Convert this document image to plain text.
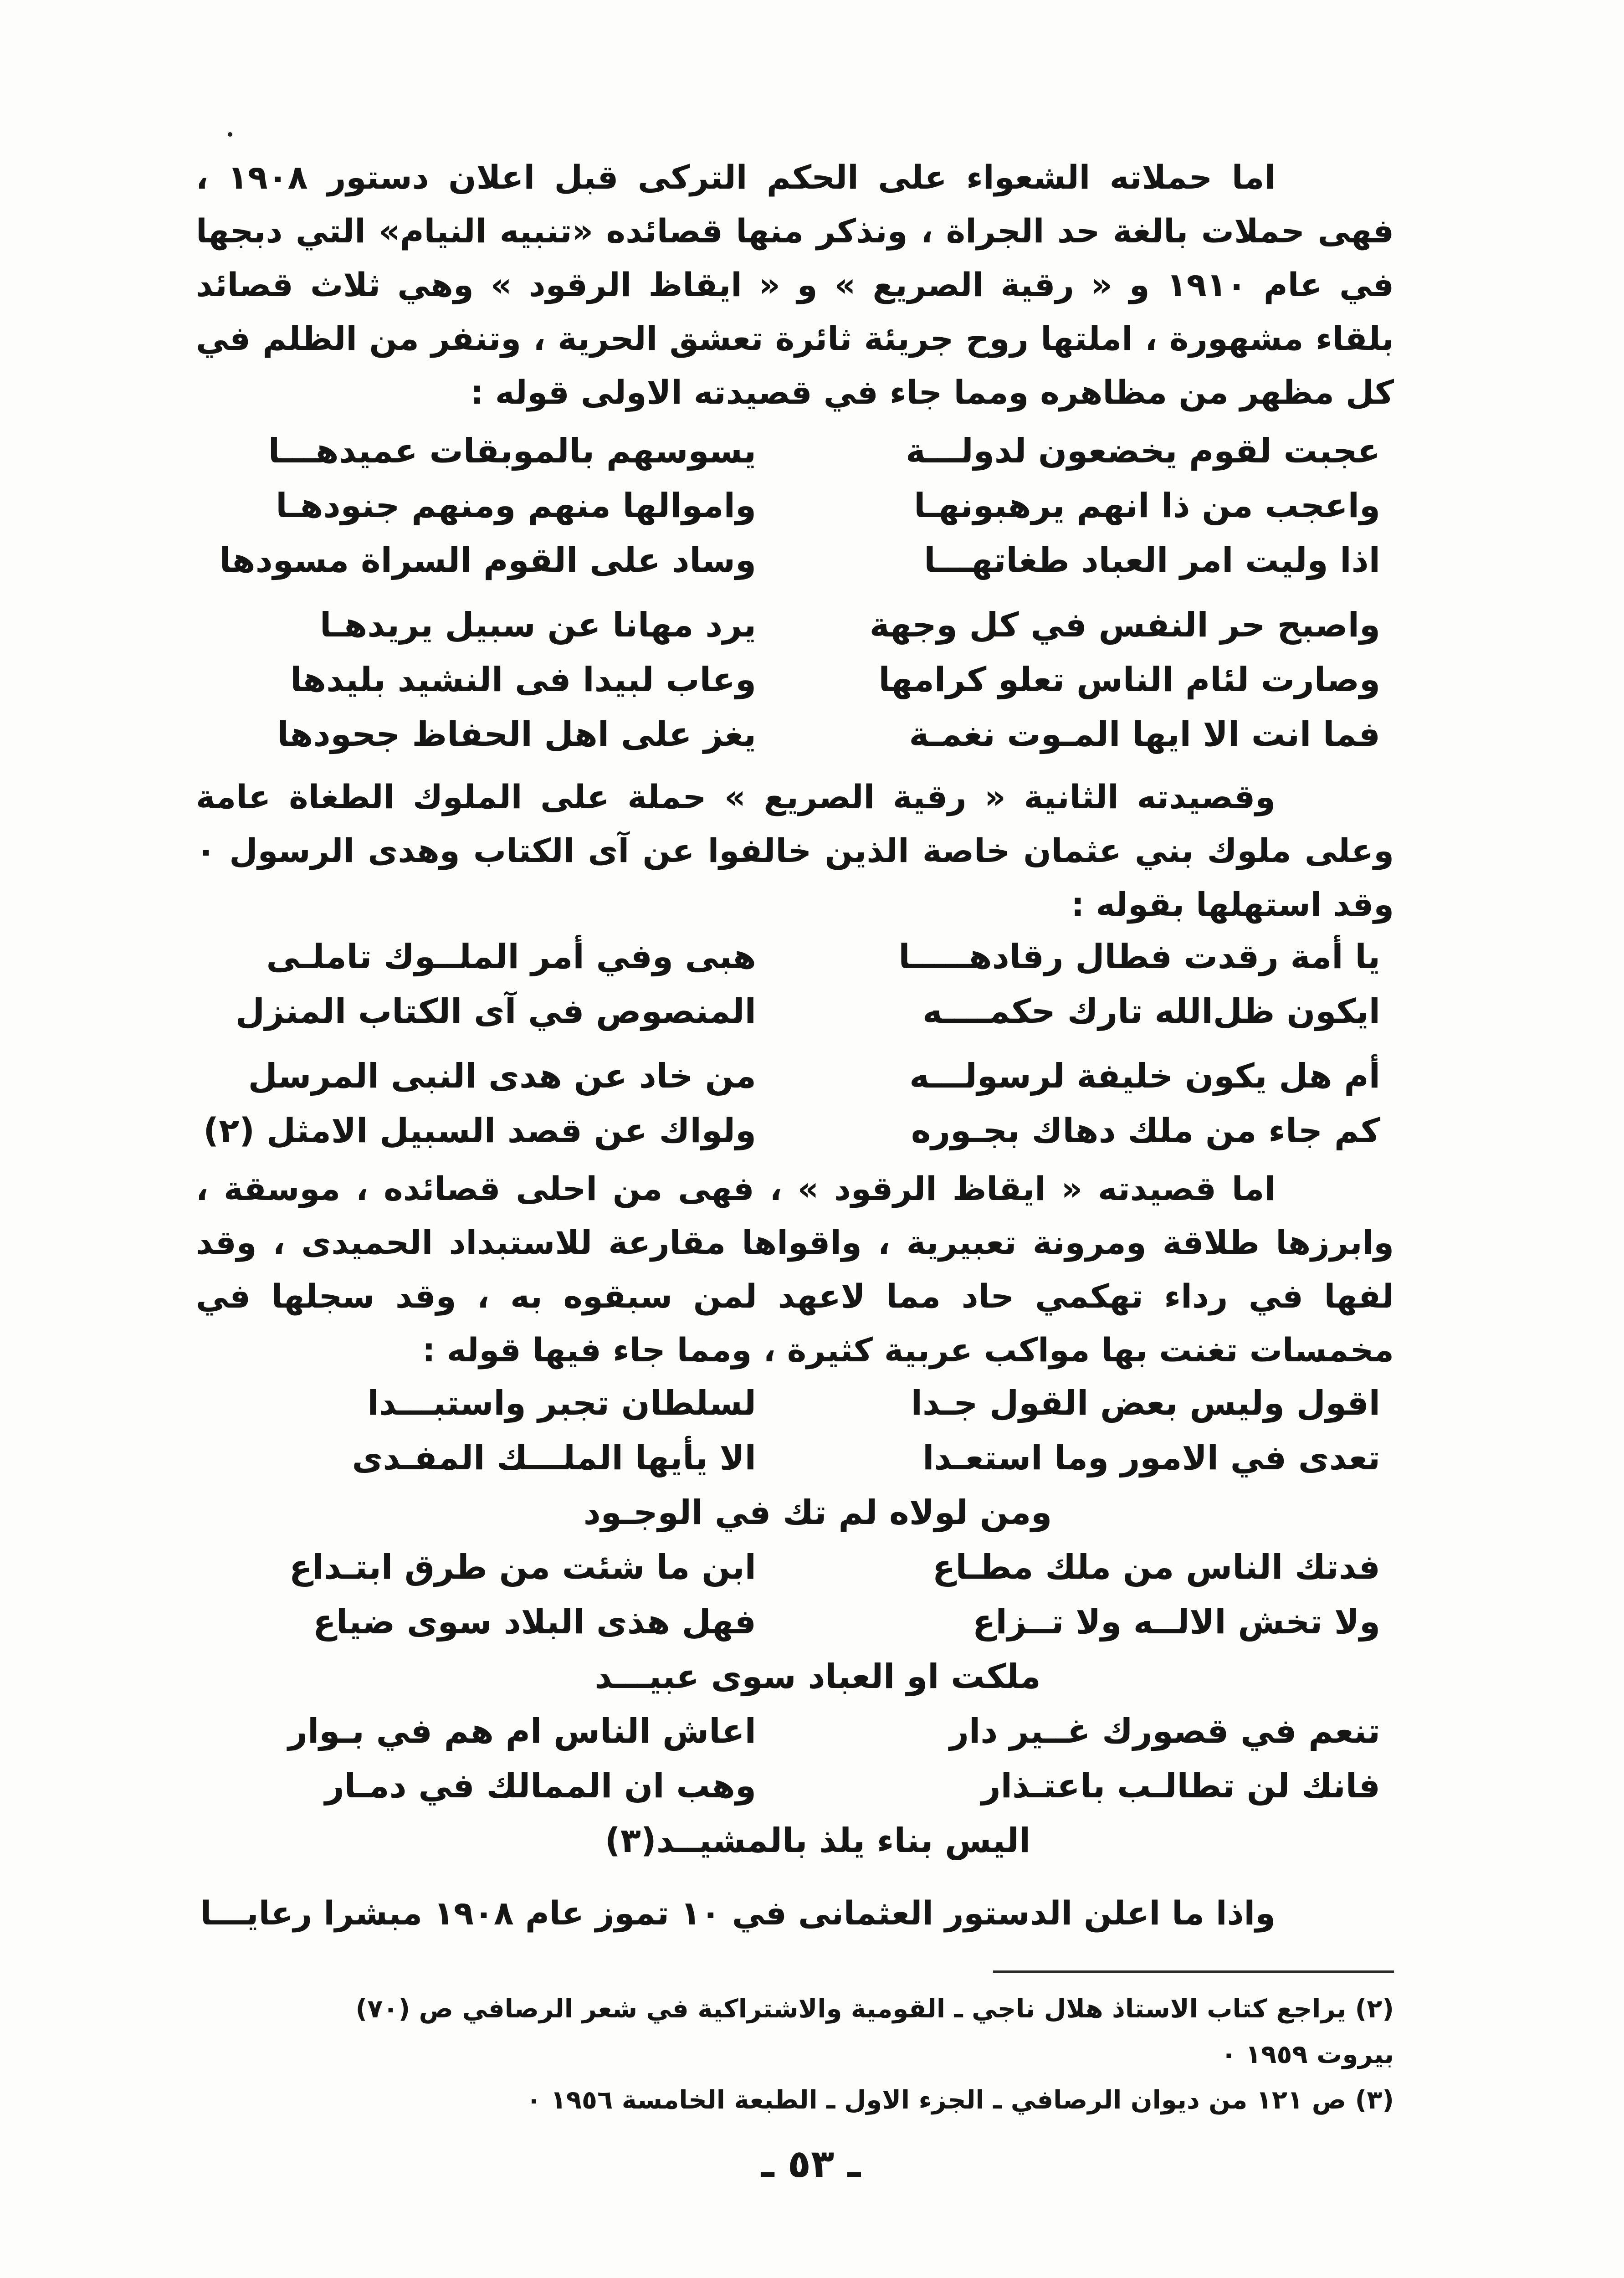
اما حملاته الشعواء على الحكم التركى قبل اعلان دستور ١٩٠٨ ، فهى حملات بالغة حد الجراة ، ونذكر منها قصائده «تنبيه النيام» التي دبجها في عام ١٩١٠ و « رقية الصريع » و « ايقاظ الرقود » وهي ثلاث قصائد بلقاء مشهورة ، املتها روح جريئة ثائرة تعشق الحرية ، وتنفر من الظلم في كل مظهر من مظاهره ومما جاء في قصيدته الاولى قوله :

عجبت لقوم يخضعون لدولـــة
يسوسهم بالموبقات عميدهـــا
واعجب من ذا انهم يرهبونهـا
واموالها منهم ومنهم جنودهـا
اذا وليت امر العباد طغاتهـــا
وساد على القوم السراة مسودها
واصبح حر النفس في كل وجهة
يرد مهانا عن سبيل يريدهـا
وصارت لئام الناس تعلو كرامها
وعاب لبيدا فى النشيد بليدها
فما انت الا ايها المـوت نغمـة
يغز على اهل الحفاظ جحودها

وقصيدته الثانية « رقية الصريع » حملة على الملوك الطغاة عامة وعلى ملوك بني عثمان خاصة الذين خالفوا عن آى الكتاب وهدى الرسول ٠ وقد استهلها بقوله :

يا أمة رقدت فطال رقادهـــــا
هبى وفي أمر الملــوك تاملـى
ايكون ظل‌الله تارك حكمــــه
المنصوص في آى الكتاب المنزل
أم هل يكون خليفة لرسولـــه
من خاد عن هدى النبى المرسل
كم جاء من ملك دهاك بجـوره
ولواك عن قصد السبيل الامثل (٢)

اما قصيدته « ايقاظ الرقود » ، فهى من احلى قصائده ، موسقة ، وابرزها طلاقة ومرونة تعبيرية ، واقواها مقارعة للاستبداد الحميدى ، وقد لفها في رداء تهكمي حاد مما لاعهد لمن سبقوه به ، وقد سجلها في مخمسات تغنت بها مواكب عربية كثيرة ، ومما جاء فيها قوله :

اقول وليس بعض القول جـدا
لسلطان تجبر واستبـــدا
تعدى في الامور وما استعـدا
الا يأيها الملـــك المفـدى
ومن لولاه لم تك في الوجـود
فدتك الناس من ملك مطـاع
ابن ما شئت من طرق ابتـداع
ولا تخش الالــه ولا تــزاع
فهل هذى البلاد سوى ضياع
ملكت او العباد سوى عبيـــد
تنعم في قصورك غــير دار
اعاش الناس ام هم في بـوار
فانك لن تطالـب باعتـذار
وهب ان الممالك في دمـار
اليس بناء يلذ بالمشيــد(٣)

واذا ما اعلن الدستور العثمانى في ١٠ تموز عام ١٩٠٨ مبشرا رعايـــا

(٢) يراجع كتاب الاستاذ هلال ناجي ـ القومية والاشتراكية في شعر الرصافي ص (٧٠)
بيروت ١٩٥٩ ٠
(٣) ص ١٢١ من ديوان الرصافي ـ الجزء الاول ـ الطبعة الخامسة ١٩٥٦ ٠
ـ ٥٣ ـ
